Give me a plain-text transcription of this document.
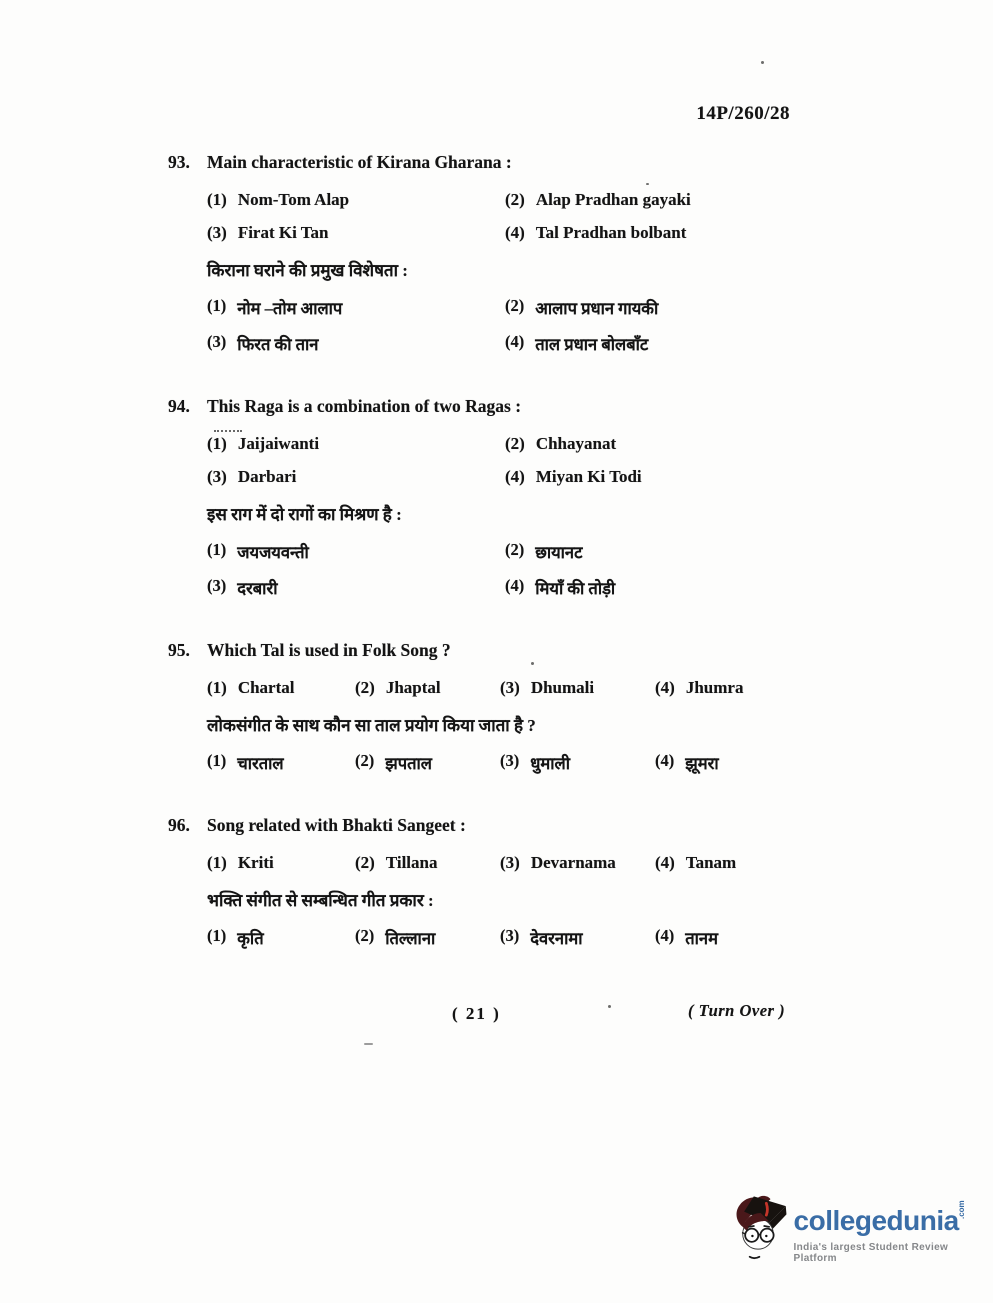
14P/260/28
93. Main characteristic of Kirana Gharana :
(1) Nom-Tom Alap	(2) Alap Pradhan gayaki
(3) Firat Ki Tan	(4) Tal Pradhan bolbant
किराना घराने की प्रमुख विशेषता :
(1) नोम –तोम आलाप	(2) आलाप प्रधान गायकी
(3) फिरत की तान	(4) ताल प्रधान बोलबाँट
94. This Raga is a combination of two Ragas :
(1) Jaijaiwanti	(2) Chhayanat
(3) Darbari	(4) Miyan Ki Todi
इस राग में दो रागों का मिश्रण है :
(1) जयजयवन्ती	(2) छायानट
(3) दरबारी	(4) मियाँ की तोड़ी
95. Which Tal is used in Folk Song ?
(1) Chartal	(2) Jhaptal	(3) Dhumali	(4) Jhumra
लोकसंगीत के साथ कौन सा ताल प्रयोग किया जाता है ?
(1) चारताल	(2) झपताल	(3) धुमाली	(4) झूमरा
96. Song related with Bhakti Sangeet :
(1) Kriti	(2) Tillana	(3) Devarnama (4) Tanam
भक्ति संगीत से सम्बन्धित गीत प्रकार :
(1) कृति	(2) तिल्लाना	(3) देवरनामा	(4) तानम
( 21 )	( Turn Over )
collegedunia
.com
India's largest Student Review Platform
